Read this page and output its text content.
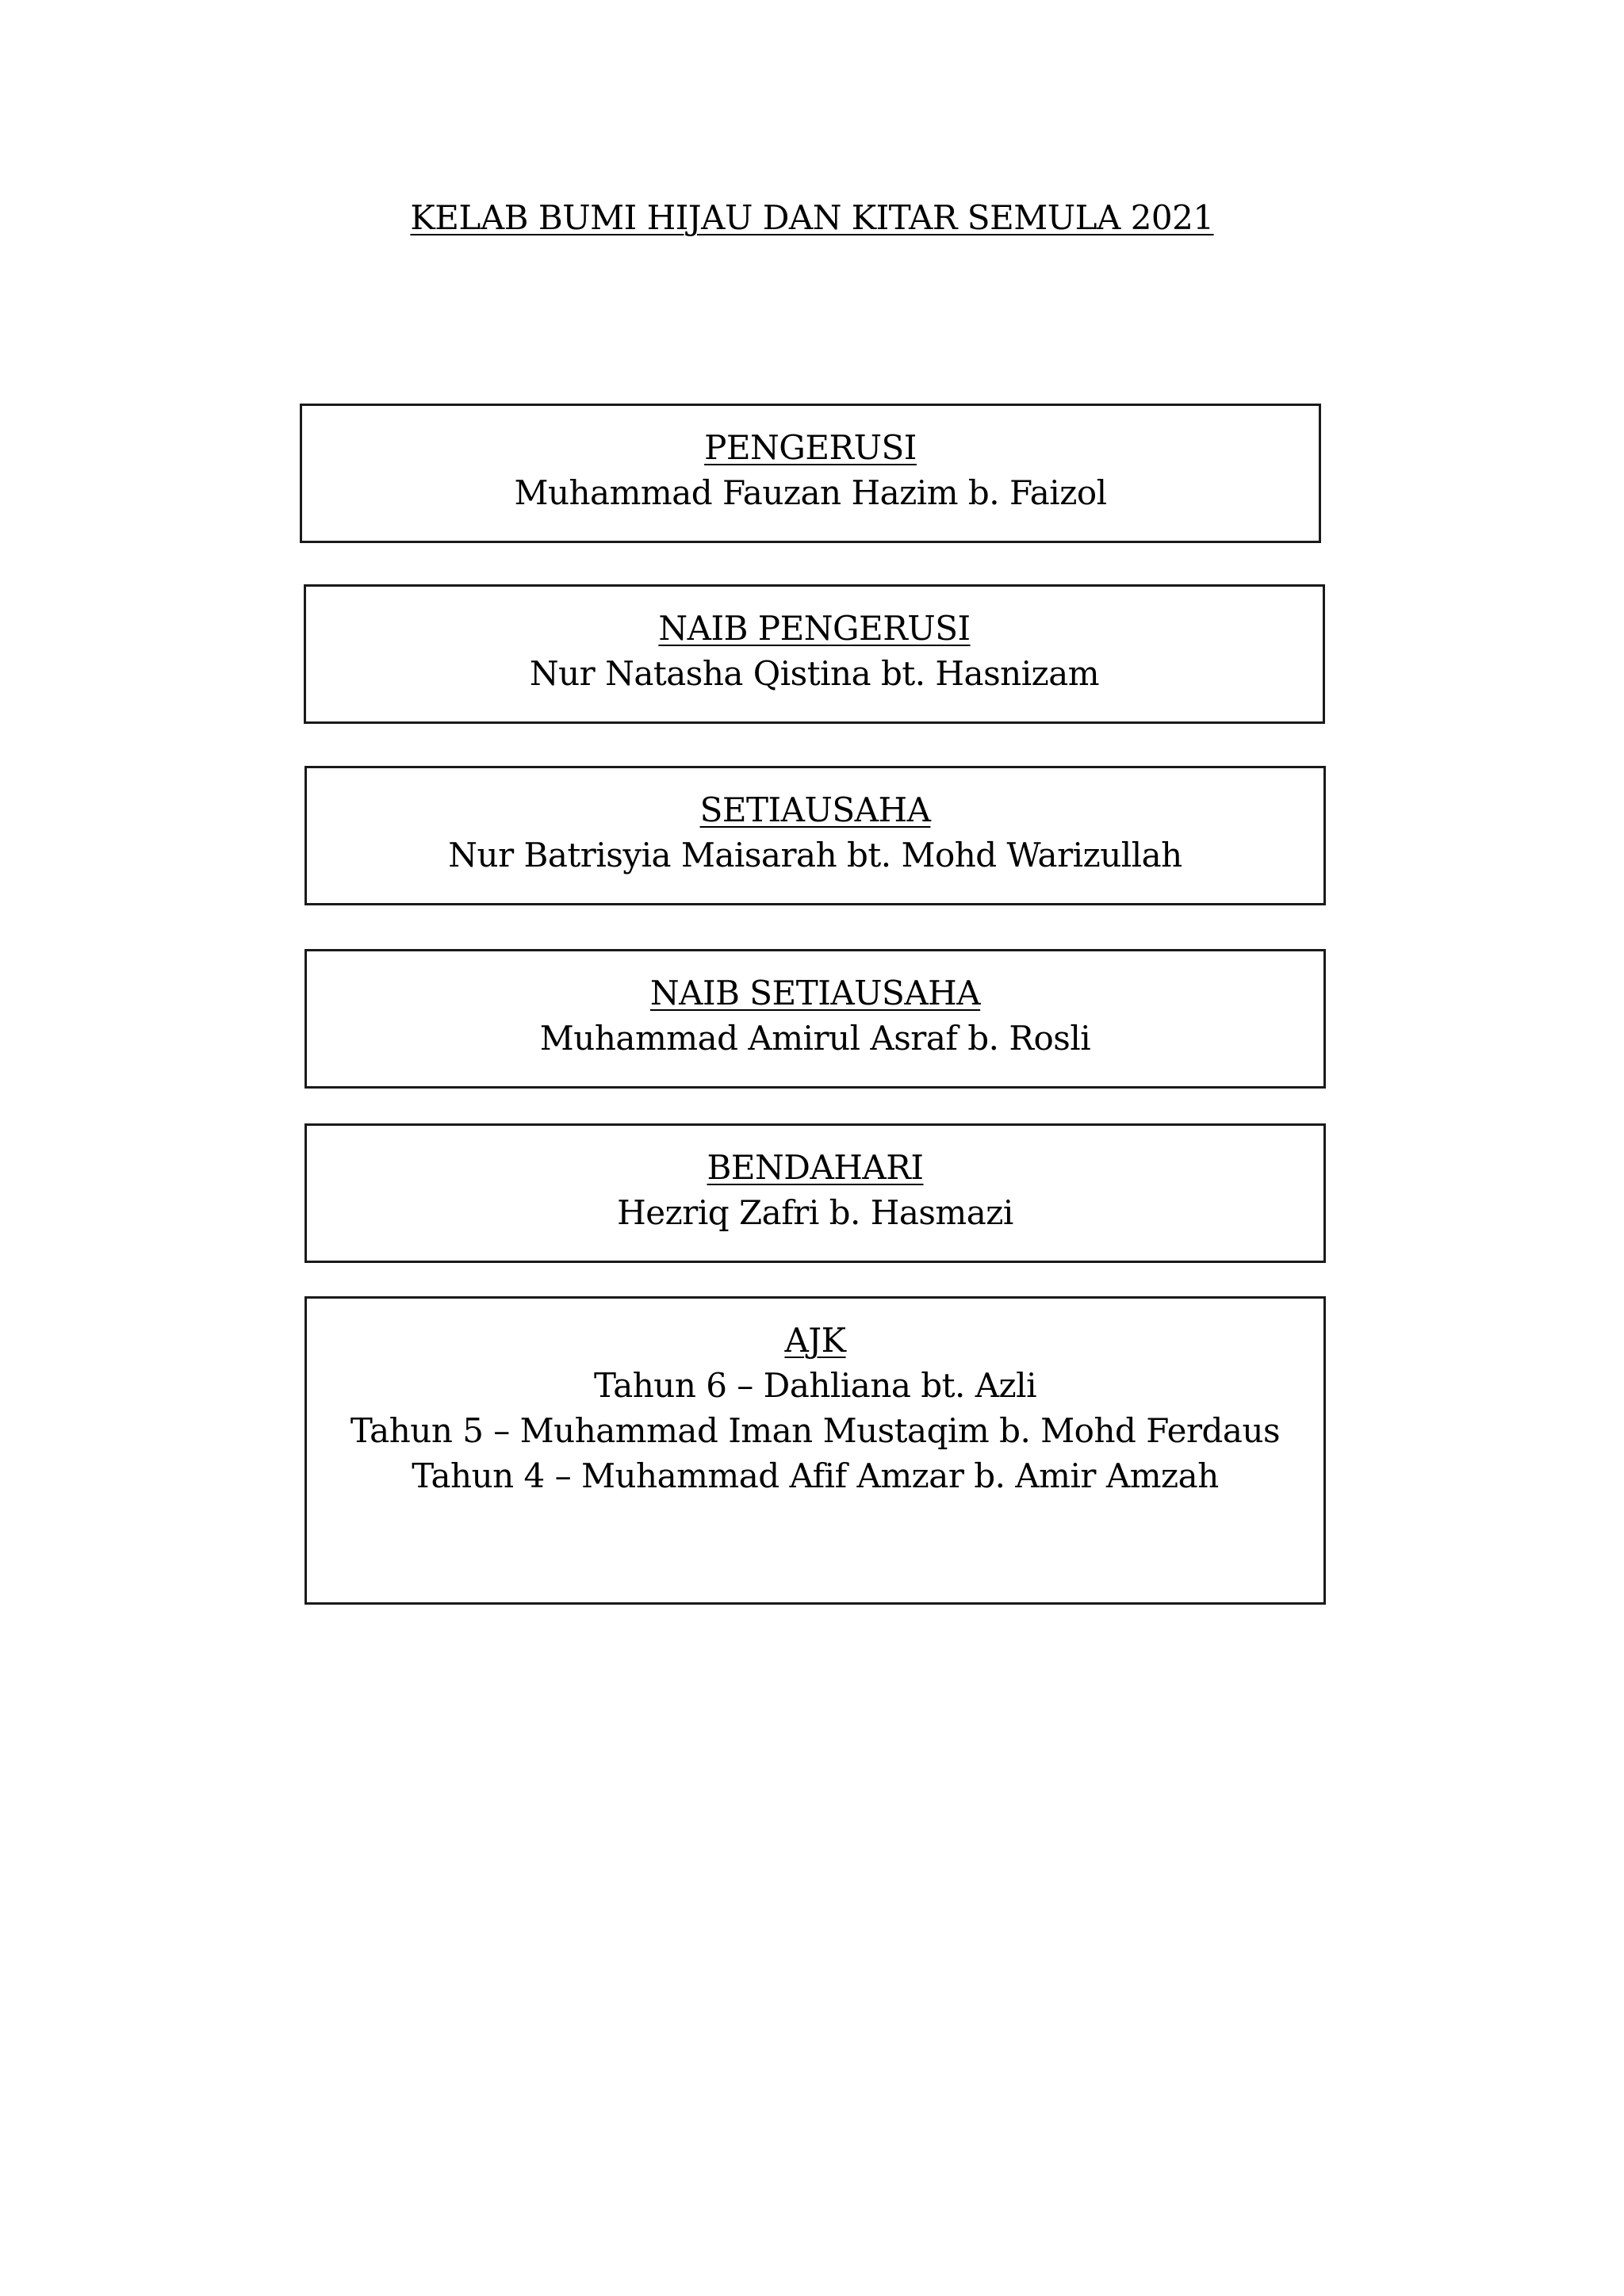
KELAB BUMI HIJAU DAN KITAR SEMULA 2021
PENGERUSI
Muhammad Fauzan Hazim b. Faizol
NAIB PENGERUSI
Nur Natasha Qistina bt. Hasnizam
SETIAUSAHA
Nur Batrisyia Maisarah bt. Mohd Warizullah
NAIB SETIAUSAHA
Muhammad Amirul Asraf b. Rosli
BENDAHARI
Hezriq Zafri b. Hasmazi
AJK
Tahun 6 – Dahliana bt. Azli
Tahun 5 – Muhammad Iman Mustaqim b. Mohd Ferdaus
Tahun 4 – Muhammad Afif Amzar b. Amir Amzah
